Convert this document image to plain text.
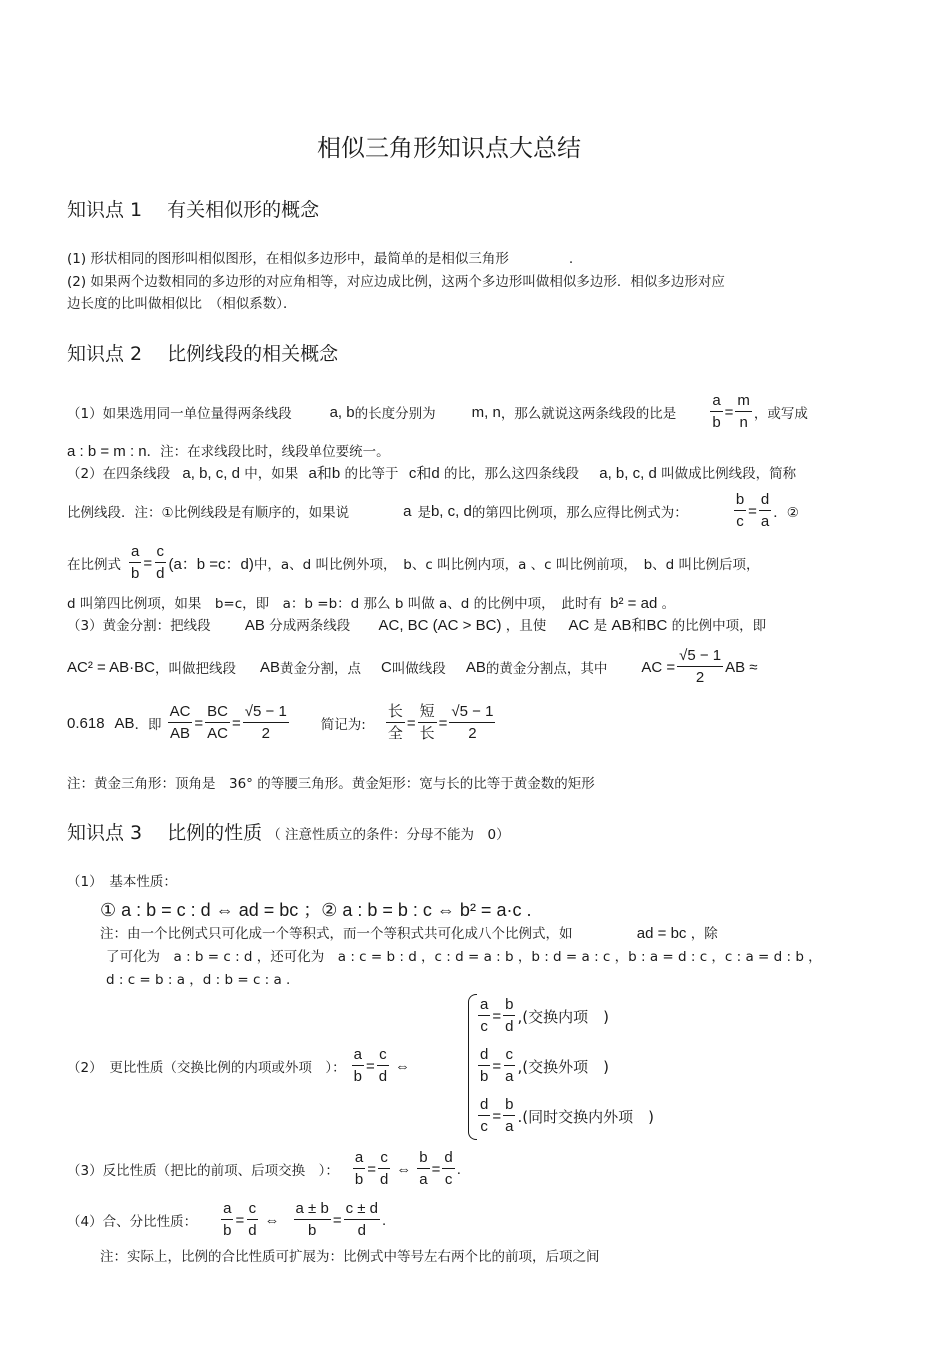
相似三角形知识点大总结
知识点 1　 有关相似形的概念
(1) 形状相同的图形叫相似图形，在相似多边形中，最简单的是相似三角形	.
(2) 如果两个边数相同的多边形的对应角相等，对应边成比例，这两个多边形叫做相似多边形．相似多边形对应
边长度的比叫做相似比　（相似系数）．
知识点 2　 比例线段的相关概念
（1）如果选用同一单位量得两条线段	a, b 的长度分别为 m, n ，那么就说这两条线段的比是 $\frac{a}{b} = \frac{m}{n}$ ，或写成
a : b = m : n．注：在求线段比时，线段单位要统一。
（2）在四条线段 a, b, c, d 中，如果 a和b 的比等于 c和d 的比，那么这四条线段 a, b, c, d 叫做成比例线段，简称
比例线段．注：①比例线段是有顺序的，如果说	a 是 b, c, d 的第四比例项，那么应得比例式为：	$\frac{b}{c} = \frac{d}{a}$ ．②
在比例式 $\frac{a}{b} = \frac{c}{d} (a$：b =c：d) 中，a、d 叫比例外项，　b、c 叫比例内项，a 、c 叫比例前项，　b、d 叫比例后项，
d 叫第四比例项，如果　b=c，即　a：b =b：d 那么 b 叫做 a、d 的比例中项，　此时有 b² = ad 。
（3）黄金分割：把线段 AB 分成两条线段 AC, BC (AC > BC) ，且使 AC 是 AB和BC 的比例中项，即
AC² = AB·BC ，叫做把线段 AB 黄金分割，点 C 叫做线段 AB 的黄金分割点，其中 AC = $\frac{√5 - 1}{2}$ AB ≈
0.618 AB ．即 $\frac{AC}{AB} = \frac{BC}{AC} = \frac{√5 - 1}{2}$ 简记为: $\frac{\text{长}}{\text{全}} = \frac{\text{短}}{\text{长}} = \frac{√5 - 1}{2}$
注：黄金三角形：顶角是　36° 的等腰三角形。黄金矩形：宽与长的比等于黄金数的矩形
知识点 3　 比例的性质 （ 注意性质立的条件：分母不能为　0）
（1）　基本性质：
① a : b = c : d ⇔ ad = bc ；② a : b = b : c ⇔ b² = a·c .
注：由一个比例式只可化成一个等积式，而一个等积式共可化成八个比例式，如	ad = bc ，除
了可化为　a : b = c : d ，还可化为　a : c = b : d ，c : d = a : b ，b : d = a : c ，b : a = d : c ，c : a = d : b ，
d : c = b : a ，d : b = c : a .
（2）　更比性质（交换比例的内项或外项　）： $\frac{a}{b} = \frac{c}{d}$ ⇔
$\frac{a}{c} = \frac{b}{d}$ ,(交换内项　)
$\frac{d}{b} = \frac{c}{a}$ ,(交换外项　)
$\frac{d}{c} = \frac{b}{a}$ .(同时交换内外项　)
（3）反比性质（把比的前项、后项交换　）： $\frac{a}{b} = \frac{c}{d}$ ⇔ $\frac{b}{a} = \frac{d}{c}$ .
（4）合、分比性质： $\frac{a}{b} = \frac{c}{d}$ ⇔ $\frac{a \pm b}{b} = \frac{c \pm d}{d}$ .
注：实际上，比例的合比性质可扩展为：比例式中等号左右两个比的前项，后项之间
